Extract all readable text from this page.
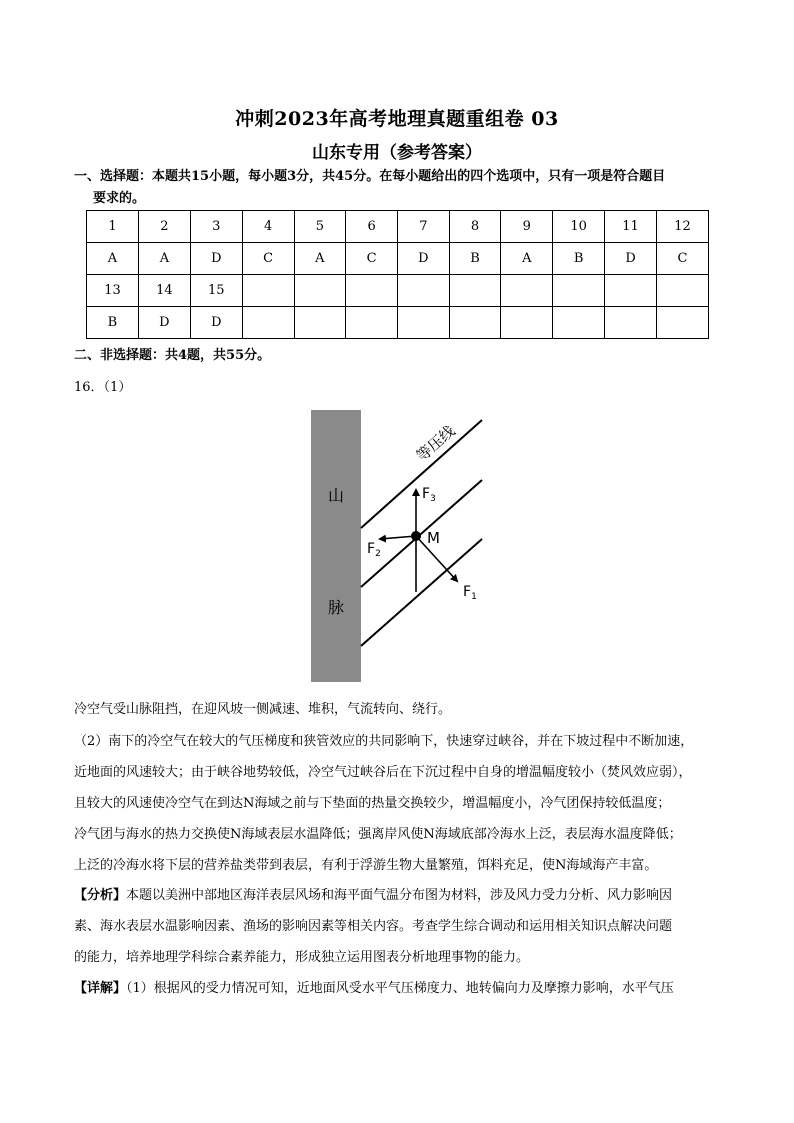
冲刺2023年高考地理真题重组卷 03
山东专用（参考答案）
一、选择题：本题共15小题，每小题3分，共45分。在每小题给出的四个选项中，只有一项是符合题目
要求的。
1	2	3	4	5	6	7	8	9	10	11	12
A	A	D	C	A	C	D	B	A	B	D	C
13	14	15									
B	D	D									
二、非选择题：共4题，共55分。
16．（1）
山
脉
等压线
M
$F_3$
$F_2$
$F_1$
冷空气受山脉阻挡，在迎风坡一侧减速、堆积，气流转向、绕行。
（2）南下的冷空气在较大的气压梯度和狭管效应的共同影响下，快速穿过峡谷，并在下坡过程中不断加速，
近地面的风速较大；由于峡谷地势较低，冷空气过峡谷后在下沉过程中自身的增温幅度较小（焚风效应弱），
且较大的风速使冷空气在到达N海域之前与下垫面的热量交换较少，增温幅度小，冷气团保持较低温度；
冷气团与海水的热力交换使N海域表层水温降低；强离岸风使N海域底部冷海水上泛，表层海水温度降低；
上泛的冷海水将下层的营养盐类带到表层，有利于浮游生物大量繁殖，饵料充足，使N海域海产丰富。
【分析】本题以美洲中部地区海洋表层风场和海平面气温分布图为材料，涉及风力受力分析、风力影响因
素、海水表层水温影响因素、渔场的影响因素等相关内容。考查学生综合调动和运用相关知识点解决问题
的能力，培养地理学科综合素养能力，形成独立运用图表分析地理事物的能力。
【详解】（1）根据风的受力情况可知，近地面风受水平气压梯度力、地转偏向力及摩擦力影响，水平气压
